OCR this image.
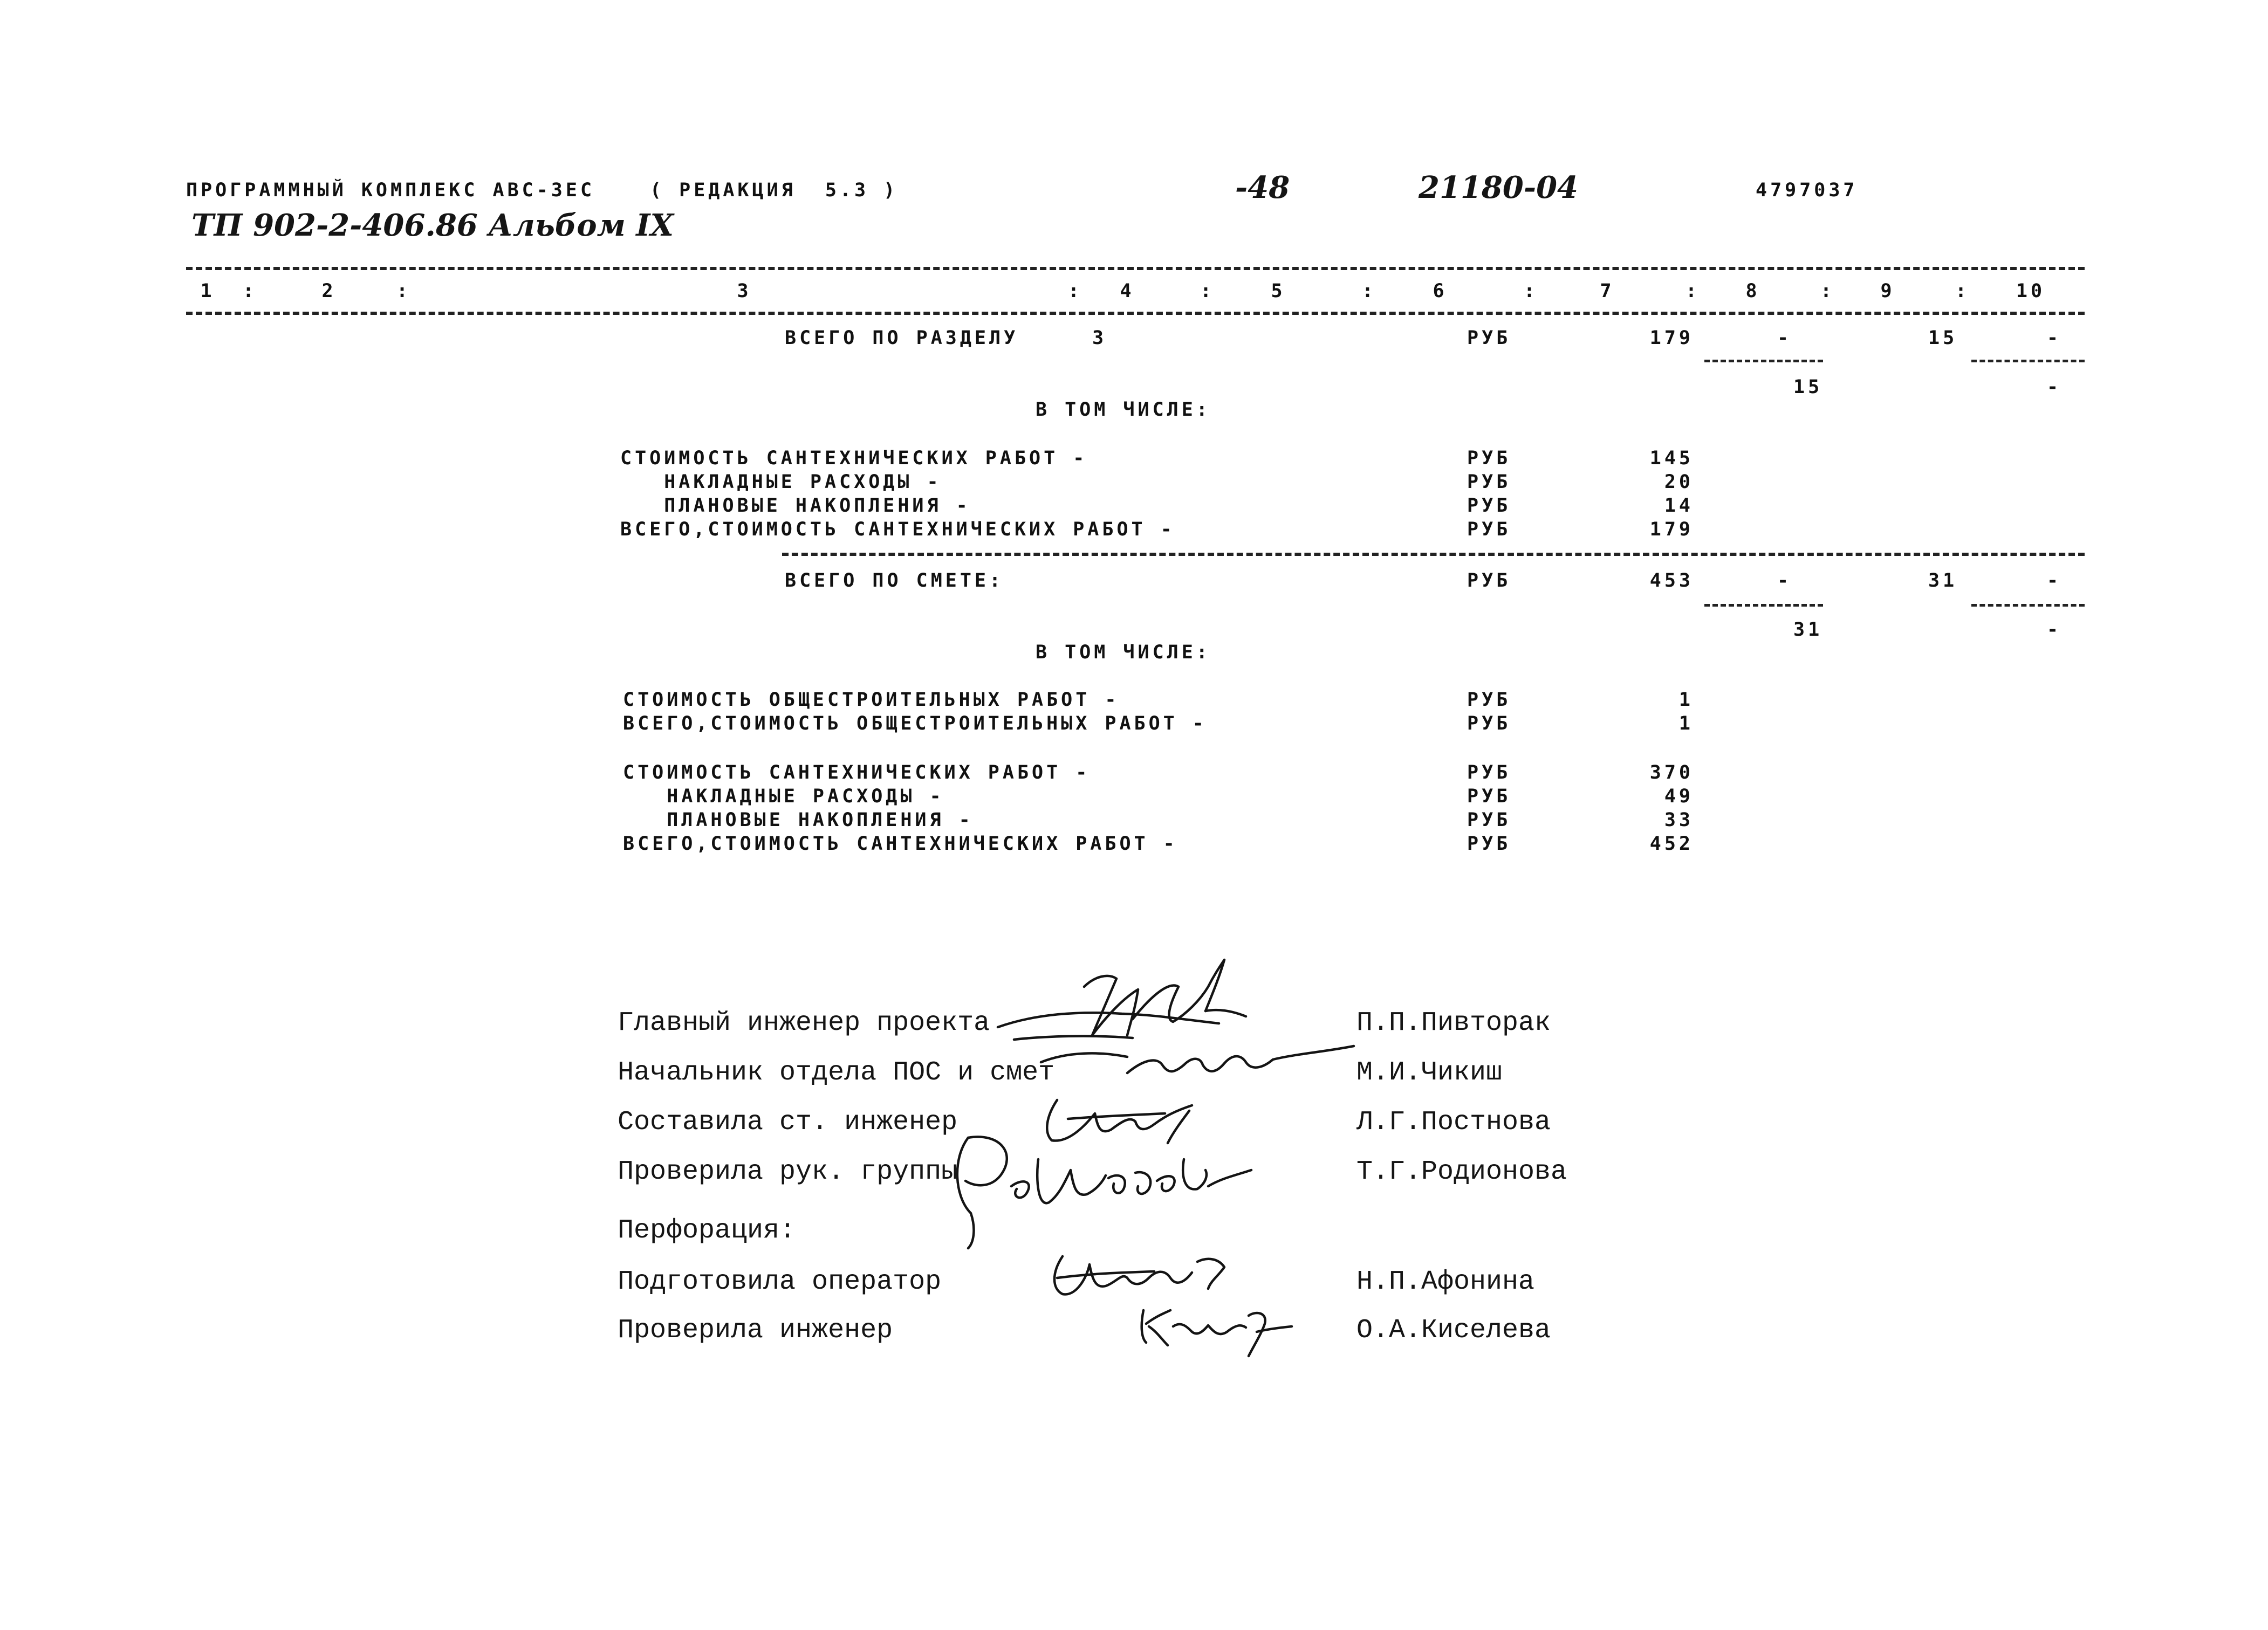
ПРОГРАММНЫЙ КОМПЛЕКС АВС-3ЕС	( РЕДАКЦИЯ  5.3 )	-48	21180-04	4797037
ТП 902-2-406.86 Альбом IX
1	:	2	:	3	:	4	:	5	:	6	:	7	:	8	:	9	:	10
ВСЕГО ПО РАЗДЕЛУ	3	РУБ	179	-	15	-
15	-
В ТОМ ЧИСЛЕ:
СТОИМОСТЬ САНТЕХНИЧЕСКИХ РАБОТ -	РУБ	145
НАКЛАДНЫЕ РАСХОДЫ -	РУБ	20
ПЛАНОВЫЕ НАКОПЛЕНИЯ -	РУБ	14
ВСЕГО,СТОИМОСТЬ САНТЕХНИЧЕСКИХ РАБОТ -	РУБ	179
ВСЕГО ПО СМЕТЕ:	РУБ	453	-	31	-
31	-
В ТОМ ЧИСЛЕ:
СТОИМОСТЬ ОБЩЕСТРОИТЕЛЬНЫХ РАБОТ -	РУБ	1
ВСЕГО,СТОИМОСТЬ ОБЩЕСТРОИТЕЛЬНЫХ РАБОТ -	РУБ	1
СТОИМОСТЬ САНТЕХНИЧЕСКИХ РАБОТ -	РУБ	370
НАКЛАДНЫЕ РАСХОДЫ -	РУБ	49
ПЛАНОВЫЕ НАКОПЛЕНИЯ -	РУБ	33
ВСЕГО,СТОИМОСТЬ САНТЕХНИЧЕСКИХ РАБОТ -	РУБ	452
Главный инженер проекта	П.П.Пивторак
Начальник отдела ПОС и смет	М.И.Чикиш
Составила ст. инженер	Л.Г.Постнова
Проверила рук. группы	Т.Г.Родионова
Перфорация:
Подготовила оператор	Н.П.Афонина
Проверила инженер	О.А.Киселева
